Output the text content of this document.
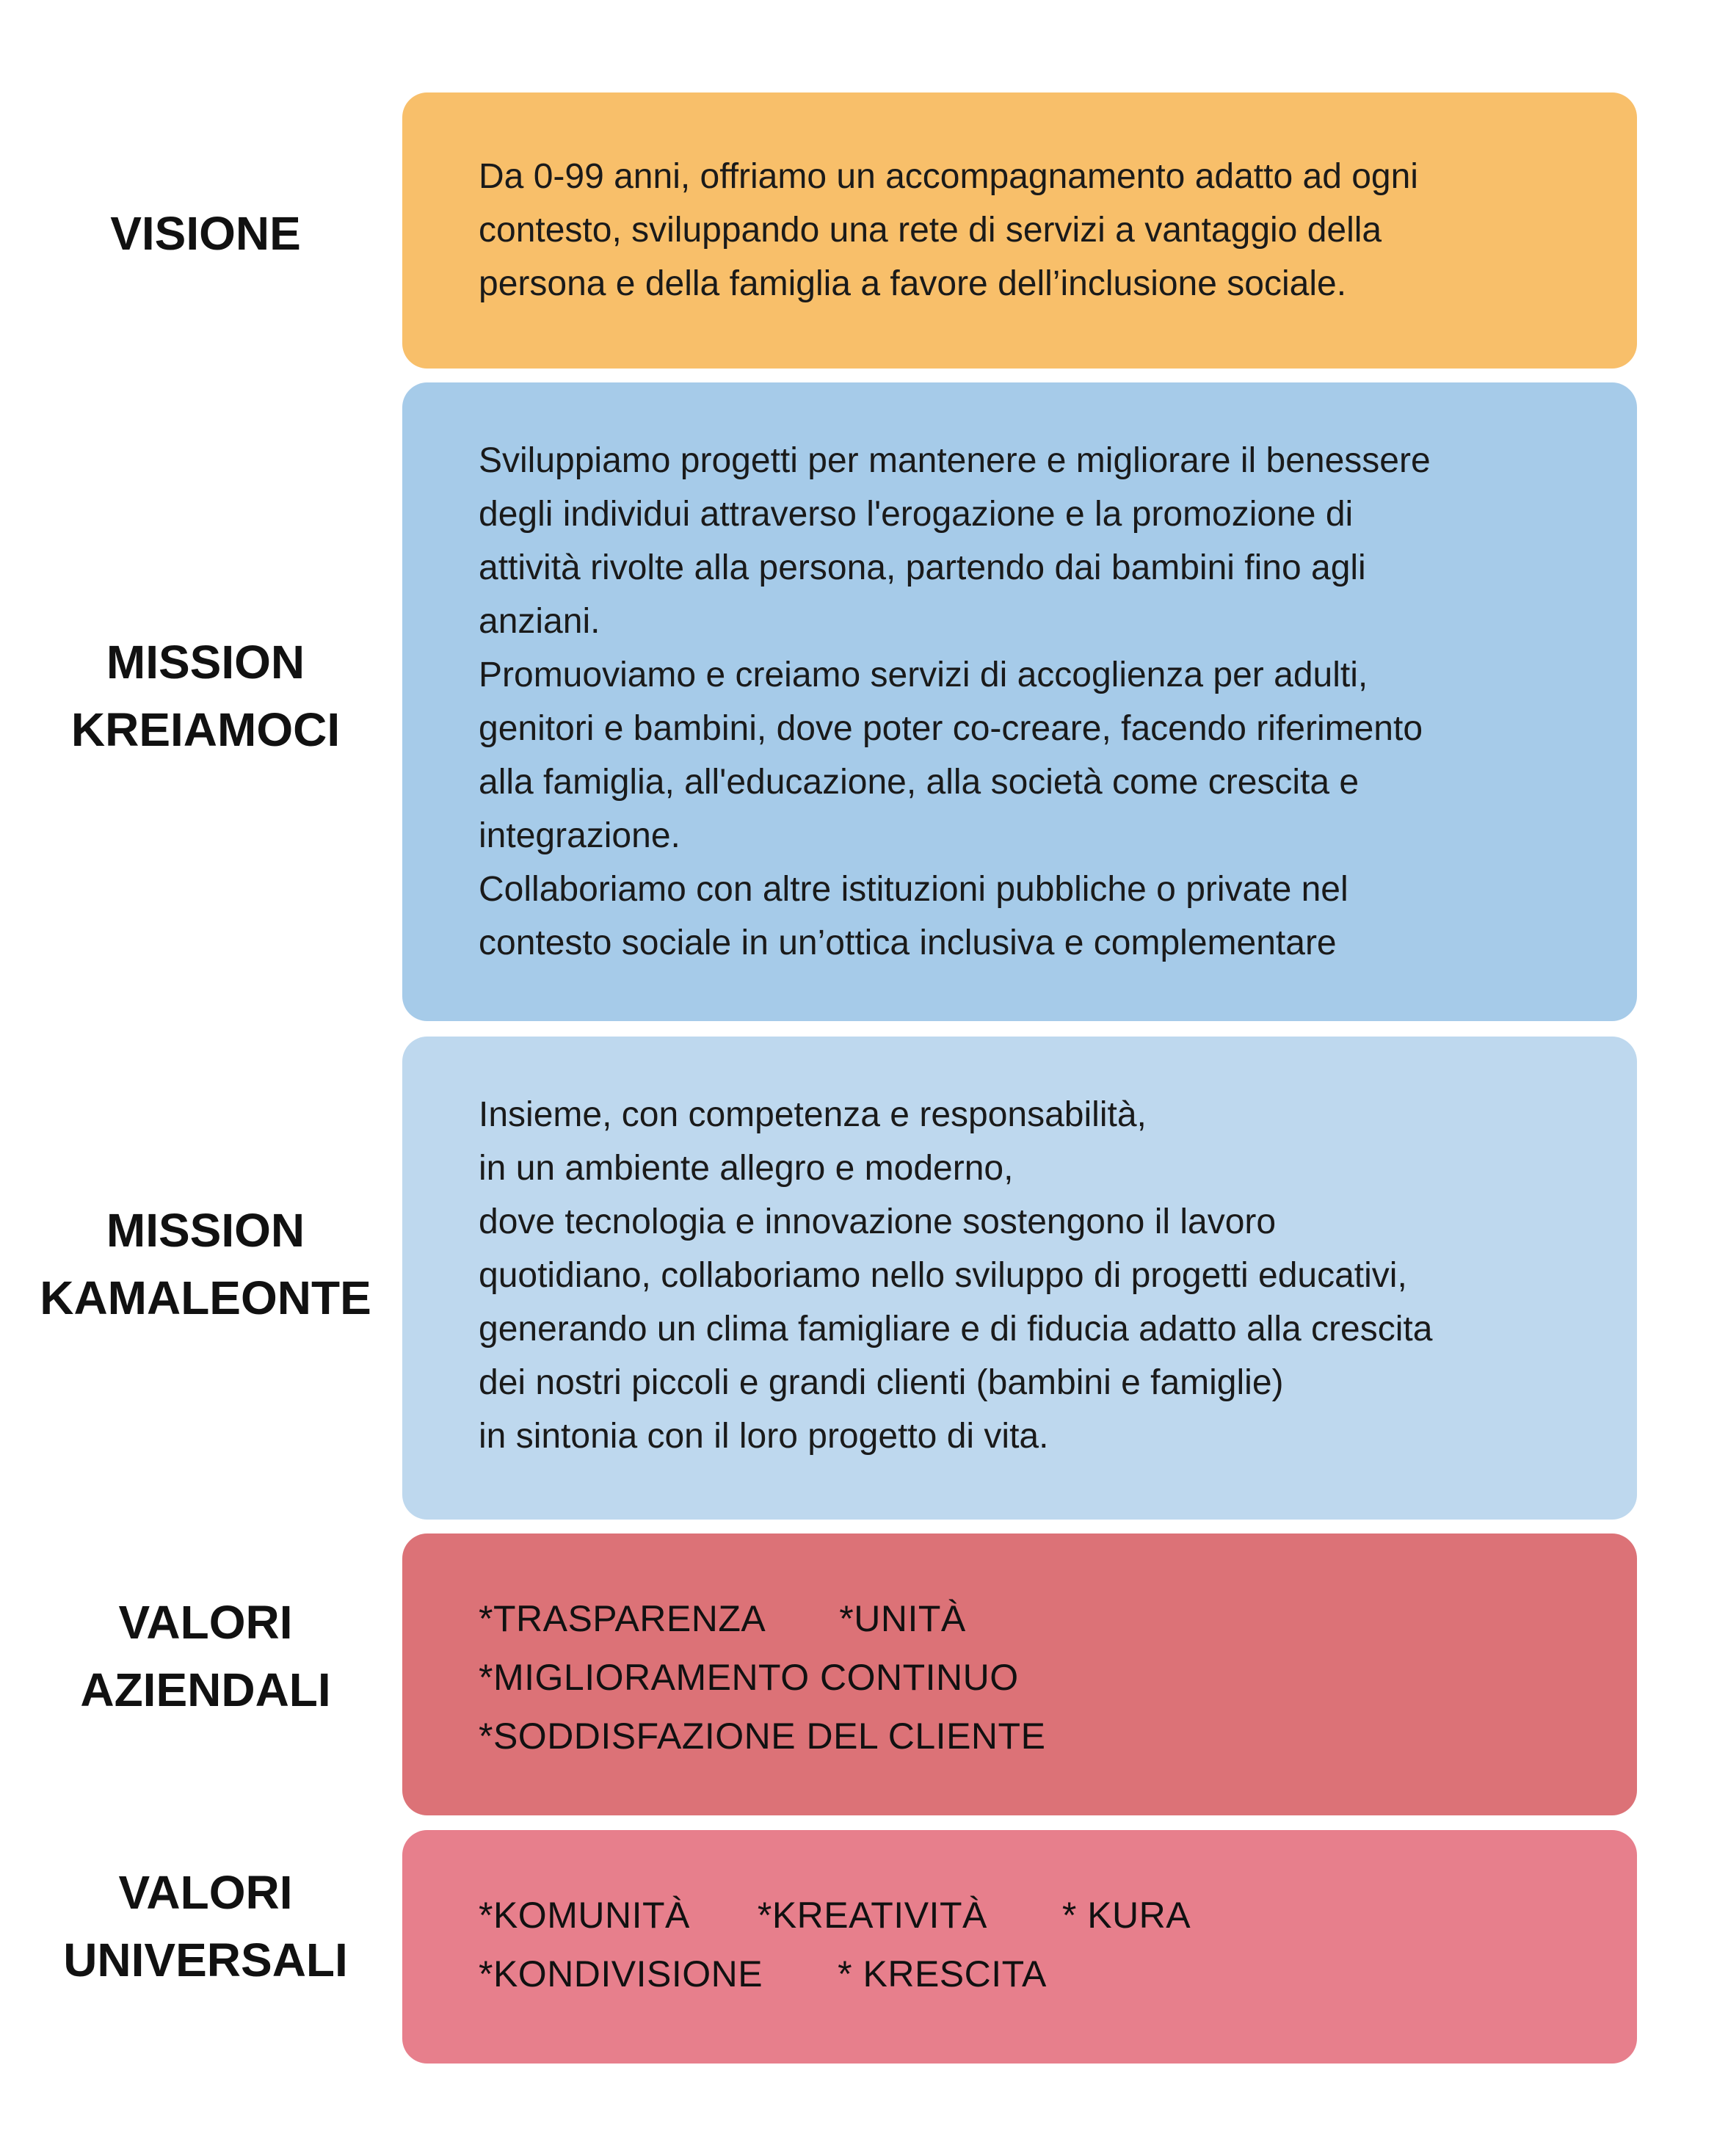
VISIONE
Da 0-99 anni, offriamo un accompagnamento adatto ad ogni
contesto, sviluppando una rete di servizi a vantaggio della
persona e della famiglia a favore dell’inclusione sociale.
MISSION
KREIAMOCI
Sviluppiamo progetti per mantenere e migliorare il benessere
degli individui attraverso l'erogazione e la promozione di
attività rivolte alla persona, partendo dai bambini fino agli
anziani.
Promuoviamo e creiamo servizi di accoglienza per adulti,
genitori e bambini, dove poter co-creare, facendo riferimento
alla famiglia, all'educazione, alla società come crescita e
integrazione.
Collaboriamo con altre istituzioni pubbliche o private nel
contesto sociale in un’ottica inclusiva e complementare
MISSION
KAMALEONTE
Insieme, con competenza e responsabilità,
in un ambiente allegro e moderno,
dove tecnologia e innovazione sostengono il lavoro
quotidiano, collaboriamo nello sviluppo di progetti educativi,
generando un clima famigliare e di fiducia adatto alla crescita
dei nostri piccoli e grandi clienti (bambini e famiglie)
in sintonia con il loro progetto di vita.
VALORI
AZIENDALI
*TRASPARENZA *UNITÀ
*MIGLIORAMENTO CONTINUO
*SODDISFAZIONE DEL CLIENTE
VALORI
UNIVERSALI
*KOMUNITÀ *KREATIVITÀ * KURA
*KONDIVISIONE * KRESCITA
